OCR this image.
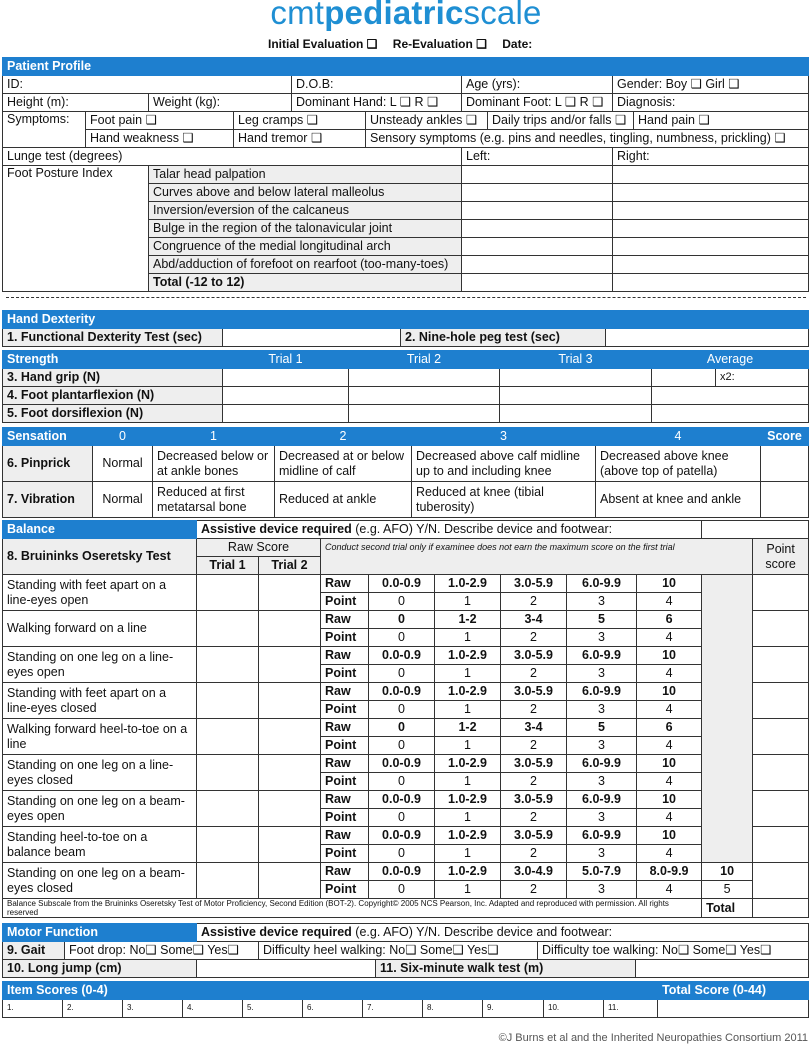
cmtpediatricscale
Initial Evaluation ❑ Re-Evaluation ❑ Date:
Patient Profile									
ID:				D.O.B:		Age (yrs):		Gender: Boy ❑ Girl ❑	
Height (m):		Weight (kg):		Dominant Hand: L ❑ R ❑		Dominant Foot: L ❑ R ❑		Diagnosis:	
Symptoms:	Foot pain ❑		Leg cramps ❑		Unsteady ankles ❑		Daily trips and/or falls ❑		Hand pain ❑
	Hand weakness ❑		Hand tremor ❑		Sensory symptoms (e.g. pins and needles, tingling, numbness, prickling) ❑				
Lunge test (degrees)						Left:		Right:	
Foot Posture Index		Talar head palpation							
		Curves above and below lateral malleolus							
		Inversion/eversion of the calcaneus							
		Bulge in the region of the talonavicular joint							
		Congruence of the medial longitudinal arch							
		Abd/adduction of forefoot on rearfoot (too-many-toes)							
		Total (-12 to 12)							
Hand Dexterity
1. Functional Dexterity Test (sec)		2. Nine-hole peg test (sec)	
Strength	Trial 1	Trial 2	Trial 3	Average	
3. Hand grip (N)					x2:
4. Foot plantarflexion (N)					
5. Foot dorsiflexion (N)					
Sensation	0	1	2	3	4	Score
6. Pinprick	Normal	Decreased below or at ankle bones	Decreased at or below midline of calf	Decreased above calf midline up to and including knee	Decreased above knee (above top of patella)	
7. Vibration	Normal	Reduced at first metatarsal bone	Reduced at ankle	Reduced at knee (tibial tuberosity)	Absent at knee and ankle	
Balance	Assistive device required (e.g. AFO) Y/N. Describe device and footwear:									
8. Bruininks Oseretsky Test	Raw Score		Conduct second trial only if examinee does not earn the maximum score on the first trial							Point score
	Trial 1	Trial 2								
Standing with feet apart on a line-eyes open			Raw	0.0-0.9	1.0-2.9	3.0-5.9	6.0-9.9	10		
			Point	0	1	2	3	4		
Walking forward on a line			Raw	0	1-2	3-4	5	6		
			Point	0	1	2	3	4		
Standing on one leg on a line-eyes open			Raw	0.0-0.9	1.0-2.9	3.0-5.9	6.0-9.9	10		
			Point	0	1	2	3	4		
Standing with feet apart on a line-eyes closed			Raw	0.0-0.9	1.0-2.9	3.0-5.9	6.0-9.9	10		
			Point	0	1	2	3	4		
Walking forward heel-to-toe on a line			Raw	0	1-2	3-4	5	6		
			Point	0	1	2	3	4		
Standing on one leg on a line-eyes closed			Raw	0.0-0.9	1.0-2.9	3.0-5.9	6.0-9.9	10		
			Point	0	1	2	3	4		
Standing on one leg on a beam-eyes open			Raw	0.0-0.9	1.0-2.9	3.0-5.9	6.0-9.9	10		
			Point	0	1	2	3	4		
Standing heel-to-toe on a balance beam			Raw	0.0-0.9	1.0-2.9	3.0-5.9	6.0-9.9	10		
			Point	0	1	2	3	4		
Standing on one leg on a beam-eyes closed			Raw	0.0-0.9	1.0-2.9	3.0-4.9	5.0-7.9	8.0-9.9	10	
			Point	0	1	2	3	4	5	
Balance Subscale from the Bruininks Oseretsky Test of Motor Proficiency, Second Edition (BOT-2). Copyright© 2005 NCS Pearson, Inc. Adapted and reproduced with permission. All rights reserved									Total	
Motor Function		Assistive device required (e.g. AFO) Y/N. Describe device and footwear:				
9. Gait	Foot drop: No❑ Some❑ Yes❑		Difficulty heel walking: No❑ Some❑ Yes❑		Difficulty toe walking: No❑ Some❑ Yes❑	
10. Long jump (cm)				11. Six-minute walk test (m)		
Item Scores (0-4)											Total Score (0-44)
1.	2.	3.	4.	5.	6.	7.	8.	9.	10.	11.	
©J Burns et al and the Inherited Neuropathies Consortium 2011
